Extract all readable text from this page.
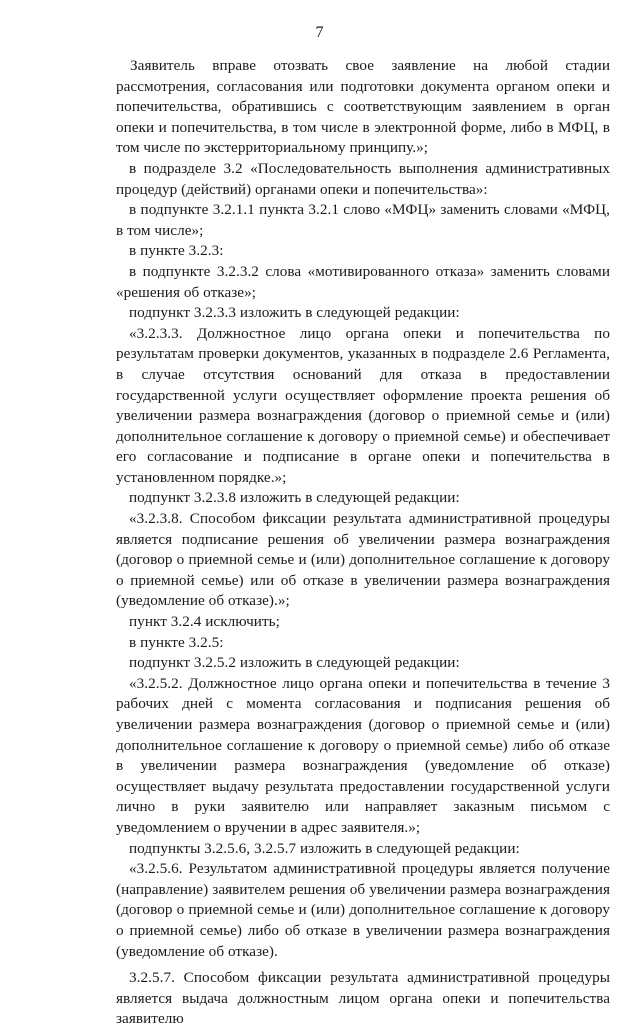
7

Заявитель вправе отозвать свое заявление на любой стадии рассмотрения, согласования или подготовки документа органом опеки и попечительства, обратившись с соответствующим заявлением в орган опеки и попечительства, в том числе в электронной форме, либо в МФЦ, в том числе по экстерриториальному принципу.»;

в подразделе 3.2 «Последовательность выполнения административных процедур (действий) органами опеки и попечительства»:

в подпункте 3.2.1.1 пункта 3.2.1 слово «МФЦ» заменить словами «МФЦ, в том числе»;

в пункте 3.2.3:

в подпункте 3.2.3.2 слова «мотивированного отказа» заменить словами «решения об отказе»;

подпункт 3.2.3.3 изложить в следующей редакции:

«3.2.3.3. Должностное лицо органа опеки и попечительства по результатам проверки документов, указанных в подразделе 2.6 Регламента, в случае отсутствия оснований для отказа в предоставлении государственной услуги осуществляет оформление проекта решения об увеличении размера вознаграждения (договор о приемной семье и (или) дополнительное соглашение к договору о приемной семье) и обеспечивает его согласование и подписание в органе опеки и попечительства в установленном порядке.»;

подпункт 3.2.3.8 изложить в следующей редакции:

«3.2.3.8. Способом фиксации результата административной процедуры является подписание решения об увеличении размера вознаграждения (договор о приемной семье и (или) дополнительное соглашение к договору о приемной семье) или об отказе в увеличении размера вознаграждения (уведомление об отказе).»;

пункт 3.2.4 исключить;

в пункте 3.2.5:

подпункт 3.2.5.2 изложить в следующей редакции:

«3.2.5.2. Должностное лицо органа опеки и попечительства в течение 3 рабочих дней с момента согласования и подписания решения об увеличении размера вознаграждения (договор о приемной семье и (или) дополнительное соглашение к договору о приемной семье) либо об отказе в увеличении размера вознаграждения (уведомление об отказе) осуществляет выдачу результата предоставлении государственной услуги лично в руки заявителю или направляет заказным письмом с уведомлением о вручении в адрес заявителя.»;

подпункты 3.2.5.6, 3.2.5.7 изложить в следующей редакции:

«3.2.5.6. Результатом административной процедуры является получение (направление) заявителем решения об увеличении размера вознаграждения (договор о приемной семье и (или) дополнительное соглашение к договору о приемной семье) либо об отказе в увеличении размера вознаграждения (уведомление об отказе).

3.2.5.7. Способом фиксации результата административной процедуры является выдача должностным лицом органа опеки и попечительства заявителю
